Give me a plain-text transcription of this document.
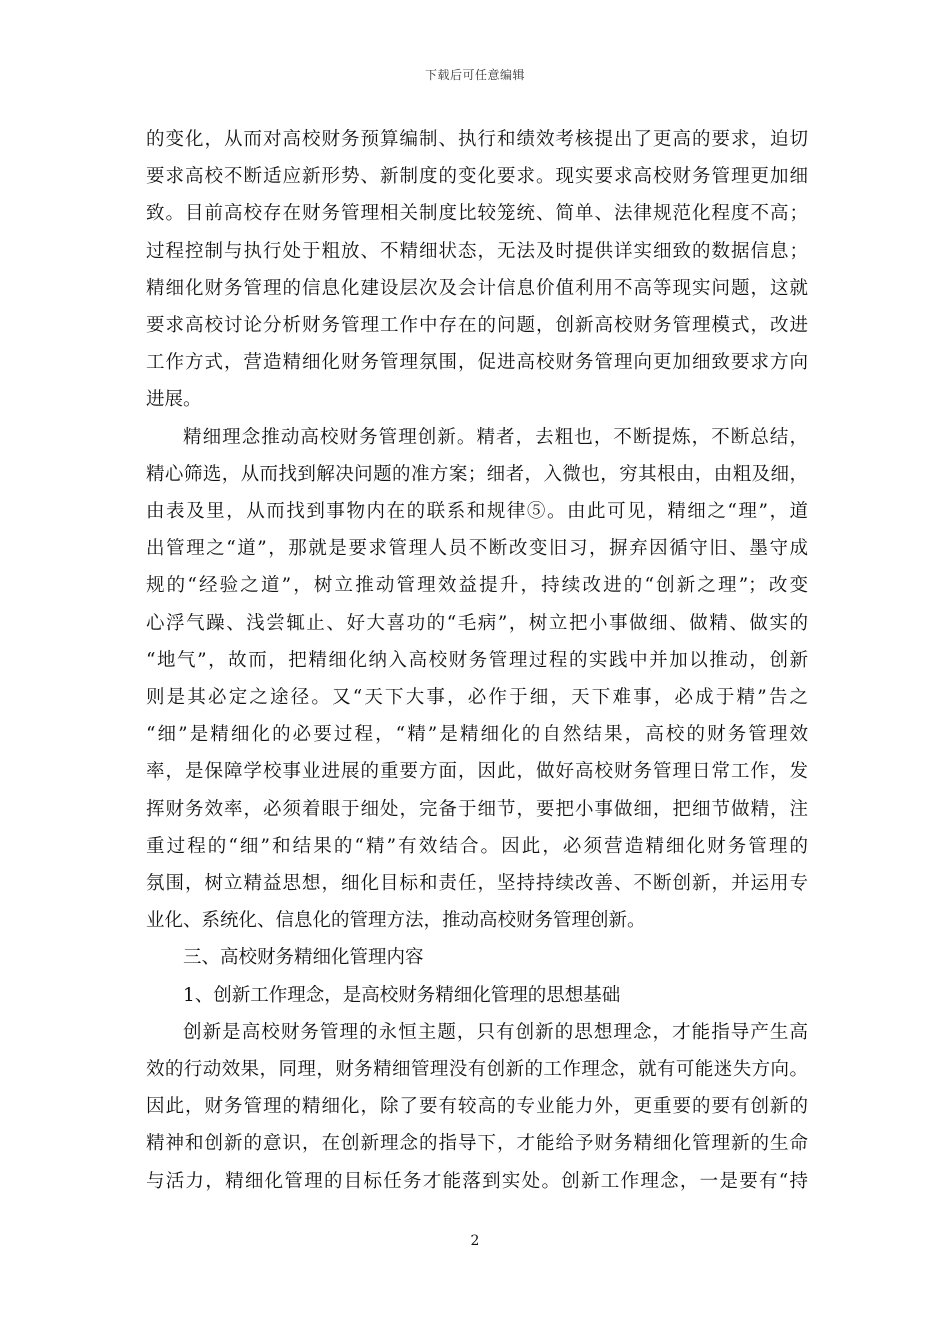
下载后可任意编辑
的变化，从而对高校财务预算编制、执行和绩效考核提出了更高的要求，迫切
要求高校不断适应新形势、新制度的变化要求。现实要求高校财务管理更加细
致。目前高校存在财务管理相关制度比较笼统、简单、法律规范化程度不高；
过程控制与执行处于粗放、不精细状态，无法及时提供详实细致的数据信息；
精细化财务管理的信息化建设层次及会计信息价值利用不高等现实问题，这就
要求高校讨论分析财务管理工作中存在的问题，创新高校财务管理模式，改进
工作方式，营造精细化财务管理氛围，促进高校财务管理向更加细致要求方向
进展。
精细理念推动高校财务管理创新。精者，去粗也，不断提炼，不断总结，
精心筛选，从而找到解决问题的准方案；细者，入微也，穷其根由，由粗及细，
由表及里，从而找到事物内在的联系和规律⑤。由此可见，精细之“理”，道
出管理之“道”，那就是要求管理人员不断改变旧习，摒弃因循守旧、墨守成
规的“经验之道”，树立推动管理效益提升，持续改进的“创新之理”；改变
心浮气躁、浅尝辄止、好大喜功的“毛病”，树立把小事做细、做精、做实的
“地气”，故而，把精细化纳入高校财务管理过程的实践中并加以推动，创新
则是其必定之途径。又“天下大事，必作于细，天下难事，必成于精”告之
“细”是精细化的必要过程，“精”是精细化的自然结果，高校的财务管理效
率，是保障学校事业进展的重要方面，因此，做好高校财务管理日常工作，发
挥财务效率，必须着眼于细处，完备于细节，要把小事做细，把细节做精，注
重过程的“细”和结果的“精”有效结合。因此，必须营造精细化财务管理的
氛围，树立精益思想，细化目标和责任，坚持持续改善、不断创新，并运用专
业化、系统化、信息化的管理方法，推动高校财务管理创新。
三、高校财务精细化管理内容
1、创新工作理念，是高校财务精细化管理的思想基础
创新是高校财务管理的永恒主题，只有创新的思想理念，才能指导产生高
效的行动效果，同理，财务精细管理没有创新的工作理念，就有可能迷失方向。
因此，财务管理的精细化，除了要有较高的专业能力外，更重要的要有创新的
精神和创新的意识，在创新理念的指导下，才能给予财务精细化管理新的生命
与活力，精细化管理的目标任务才能落到实处。创新工作理念，一是要有“持
2
